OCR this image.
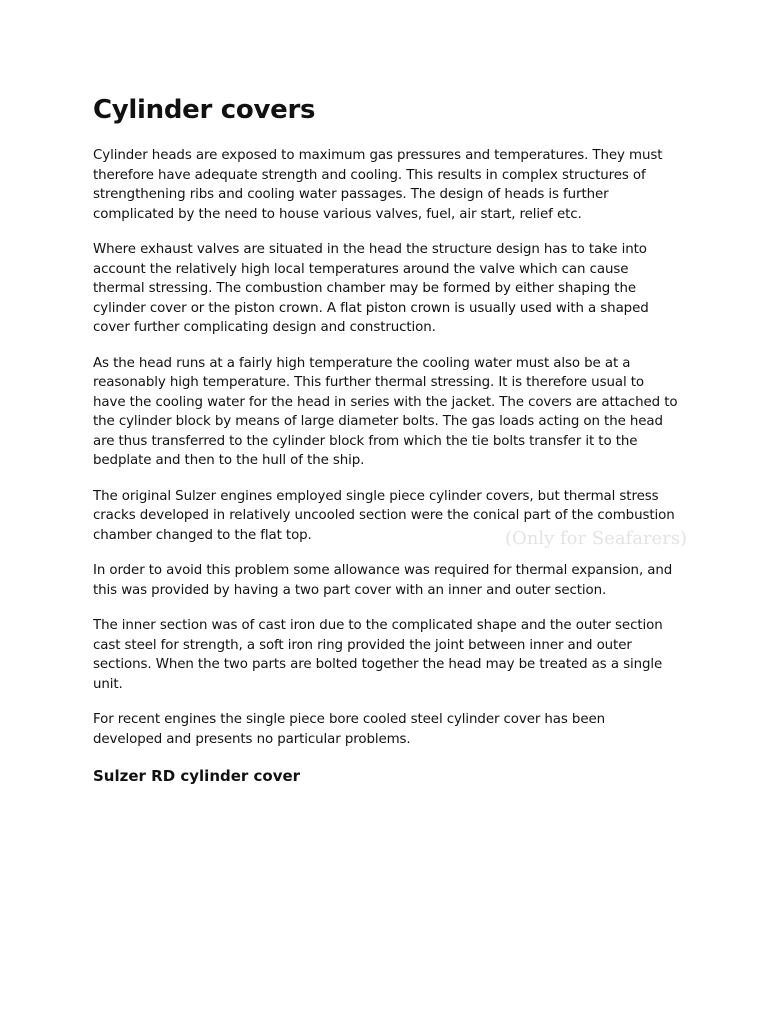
(Only for Seafarers)
Cylinder covers

Cylinder heads are exposed to maximum gas pressures and temperatures. They must therefore have adequate strength and cooling. This results in complex structures of strengthening ribs and cooling water passages. The design of heads is further complicated by the need to house various valves, fuel, air start, relief etc.

Where exhaust valves are situated in the head the structure design has to take into account the relatively high local temperatures around the valve which can cause thermal stressing. The combustion chamber may be formed by either shaping the cylinder cover or the piston crown. A flat piston crown is usually used with a shaped cover further complicating design and construction.

As the head runs at a fairly high temperature the cooling water must also be at a reasonably high temperature. This further thermal stressing. It is therefore usual to have the cooling water for the head in series with the jacket. The covers are attached to the cylinder block by means of large diameter bolts. The gas loads acting on the head are thus transferred to the cylinder block from which the tie bolts transfer it to the bedplate and then to the hull of the ship.

The original Sulzer engines employed single piece cylinder covers, but thermal stress cracks developed in relatively uncooled section were the conical part of the combustion chamber changed to the flat top.

In order to avoid this problem some allowance was required for thermal expansion, and this was provided by having a two part cover with an inner and outer section.

The inner section was of cast iron due to the complicated shape and the outer section cast steel for strength, a soft iron ring provided the joint between inner and outer sections. When the two parts are bolted together the head may be treated as a single unit.

For recent engines the single piece bore cooled steel cylinder cover has been developed and presents no particular problems.

Sulzer RD cylinder cover
